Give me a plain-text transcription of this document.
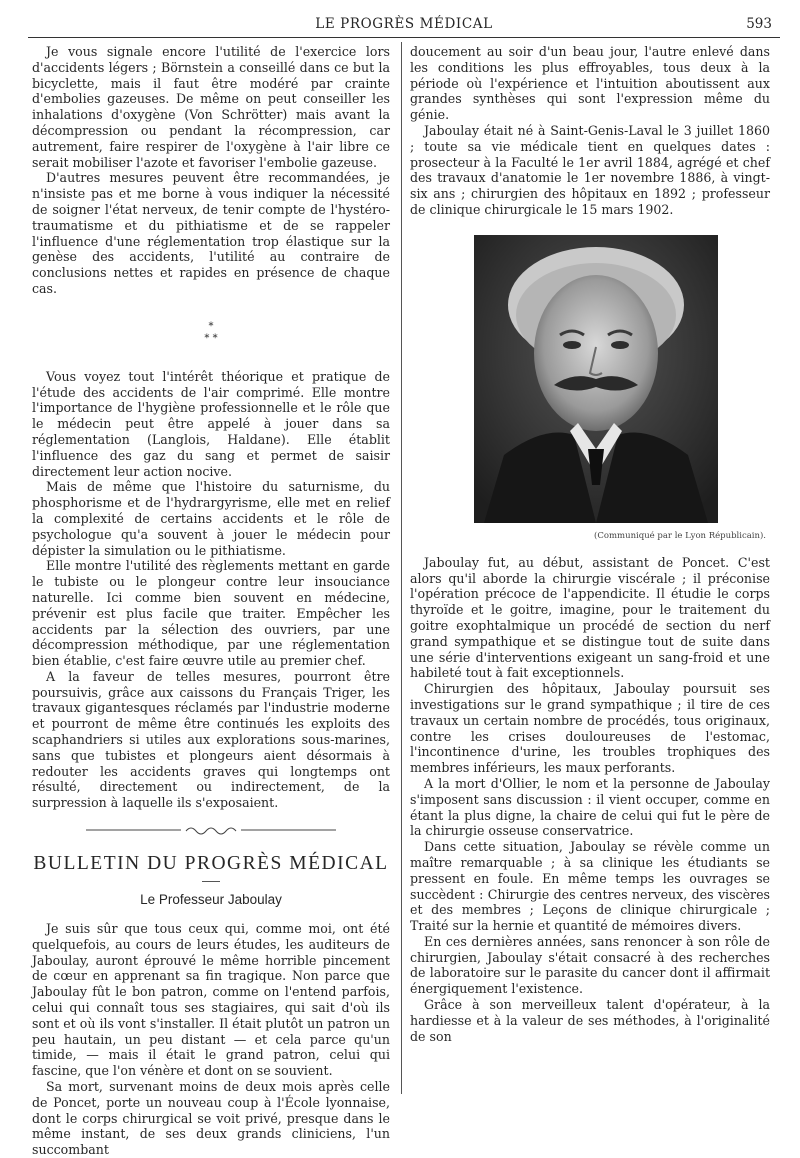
LE PROGRÈS MÉDICAL	593

Je vous signale encore l'utilité de l'exercice lors d'accidents légers ; Börnstein a conseillé dans ce but la bicyclette, mais il faut être modéré par crainte d'embolies gazeuses. De même on peut conseiller les inhalations d'oxygène (Von Schrötter) mais avant la décompression ou pendant la récompression, car autrement, faire respirer de l'oxygène à l'air libre ce serait mobiliser l'azote et favoriser l'embolie gazeuse.

D'autres mesures peuvent être recommandées, je n'insiste pas et me borne à vous indiquer la nécessité de soigner l'état nerveux, de tenir compte de l'hystéro-traumatisme et du pithiatisme et de se rappeler l'influence d'une réglementation trop élastique sur la genèse des accidents, l'utilité au contraire de conclusions nettes et rapides en présence de chaque cas.

*
* *

Vous voyez tout l'intérêt théorique et pratique de l'étude des accidents de l'air comprimé. Elle montre l'importance de l'hygiène professionnelle et le rôle que le médecin peut être appelé à jouer dans sa réglementation (Langlois, Haldane). Elle établit l'influence des gaz du sang et permet de saisir directement leur action nocive.

Mais de même que l'histoire du saturnisme, du phosphorisme et de l'hydrargyrisme, elle met en relief la complexité de certains accidents et le rôle de psychologue qu'a souvent à jouer le médecin pour dépister la simulation ou le pithiatisme.

Elle montre l'utilité des règlements mettant en garde le tubiste ou le plongeur contre leur insouciance naturelle. Ici comme bien souvent en médecine, prévenir est plus facile que traiter. Empêcher les accidents par la sélection des ouvriers, par une décompression méthodique, par une réglementation bien établie, c'est faire œuvre utile au premier chef.

A la faveur de telles mesures, pourront être poursuivis, grâce aux caissons du Français Triger, les travaux gigantesques réclamés par l'industrie moderne et pourront de même être continués les exploits des scaphandriers si utiles aux explorations sous-marines, sans que tubistes et plongeurs aient désormais à redouter les accidents graves qui longtemps ont résulté, directement ou indirectement, de la surpression à laquelle ils s'exposaient.

BULLETIN DU PROGRÈS MÉDICAL
Le Professeur Jaboulay

Je suis sûr que tous ceux qui, comme moi, ont été quelquefois, au cours de leurs études, les auditeurs de Jaboulay, auront éprouvé le même horrible pincement de cœur en apprenant sa fin tragique. Non parce que Jaboulay fût le bon patron, comme on l'entend parfois, celui qui connaît tous ses stagiaires, qui sait d'où ils sont et où ils vont s'installer. Il était plutôt un patron un peu hautain, un peu distant — et cela parce qu'un timide, — mais il était le grand patron, celui qui fascine, que l'on vénère et dont on se souvient.

Sa mort, survenant moins de deux mois après celle de Poncet, porte un nouveau coup à l'École lyonnaise, dont le corps chirurgical se voit privé, presque dans le même instant, de ses deux grands cliniciens, l'un succombant

doucement au soir d'un beau jour, l'autre enlevé dans les conditions les plus effroyables, tous deux à la période où l'expérience et l'intuition aboutissent aux grandes synthèses qui sont l'expression même du génie.

Jaboulay était né à Saint-Genis-Laval le 3 juillet 1860 ; toute sa vie médicale tient en quelques dates : prosecteur à la Faculté le 1er avril 1884, agrégé et chef des travaux d'anatomie le 1er novembre 1886, à vingt-six ans ; chirurgien des hôpitaux en 1892 ; professeur de clinique chirurgicale le 15 mars 1902.

(Communiqué par le Lyon Républicain).

Jaboulay fut, au début, assistant de Poncet. C'est alors qu'il aborde la chirurgie viscérale ; il préconise l'opération précoce de l'appendicite. Il étudie le corps thyroïde et le goitre, imagine, pour le traitement du goitre exophtalmique un procédé de section du nerf grand sympathique et se distingue tout de suite dans une série d'interventions exigeant un sang-froid et une habileté tout à fait exceptionnels.

Chirurgien des hôpitaux, Jaboulay poursuit ses investigations sur le grand sympathique ; il tire de ces travaux un certain nombre de procédés, tous originaux, contre les crises douloureuses de l'estomac, l'incontinence d'urine, les troubles trophiques des membres inférieurs, les maux perforants.

A la mort d'Ollier, le nom et la personne de Jaboulay s'imposent sans discussion : il vient occuper, comme en étant la plus digne, la chaire de celui qui fut le père de la chirurgie osseuse conservatrice.

Dans cette situation, Jaboulay se révèle comme un maître remarquable ; à sa clinique les étudiants se pressent en foule. En même temps les ouvrages se succèdent : Chirurgie des centres nerveux, des viscères et des membres ; Leçons de clinique chirurgicale ; Traité sur la hernie et quantité de mémoires divers.

En ces dernières années, sans renoncer à son rôle de chirurgien, Jaboulay s'était consacré à des recherches de laboratoire sur le parasite du cancer dont il affirmait énergiquement l'existence.

Grâce à son merveilleux talent d'opérateur, à la hardiesse et à la valeur de ses méthodes, à l'originalité de son
